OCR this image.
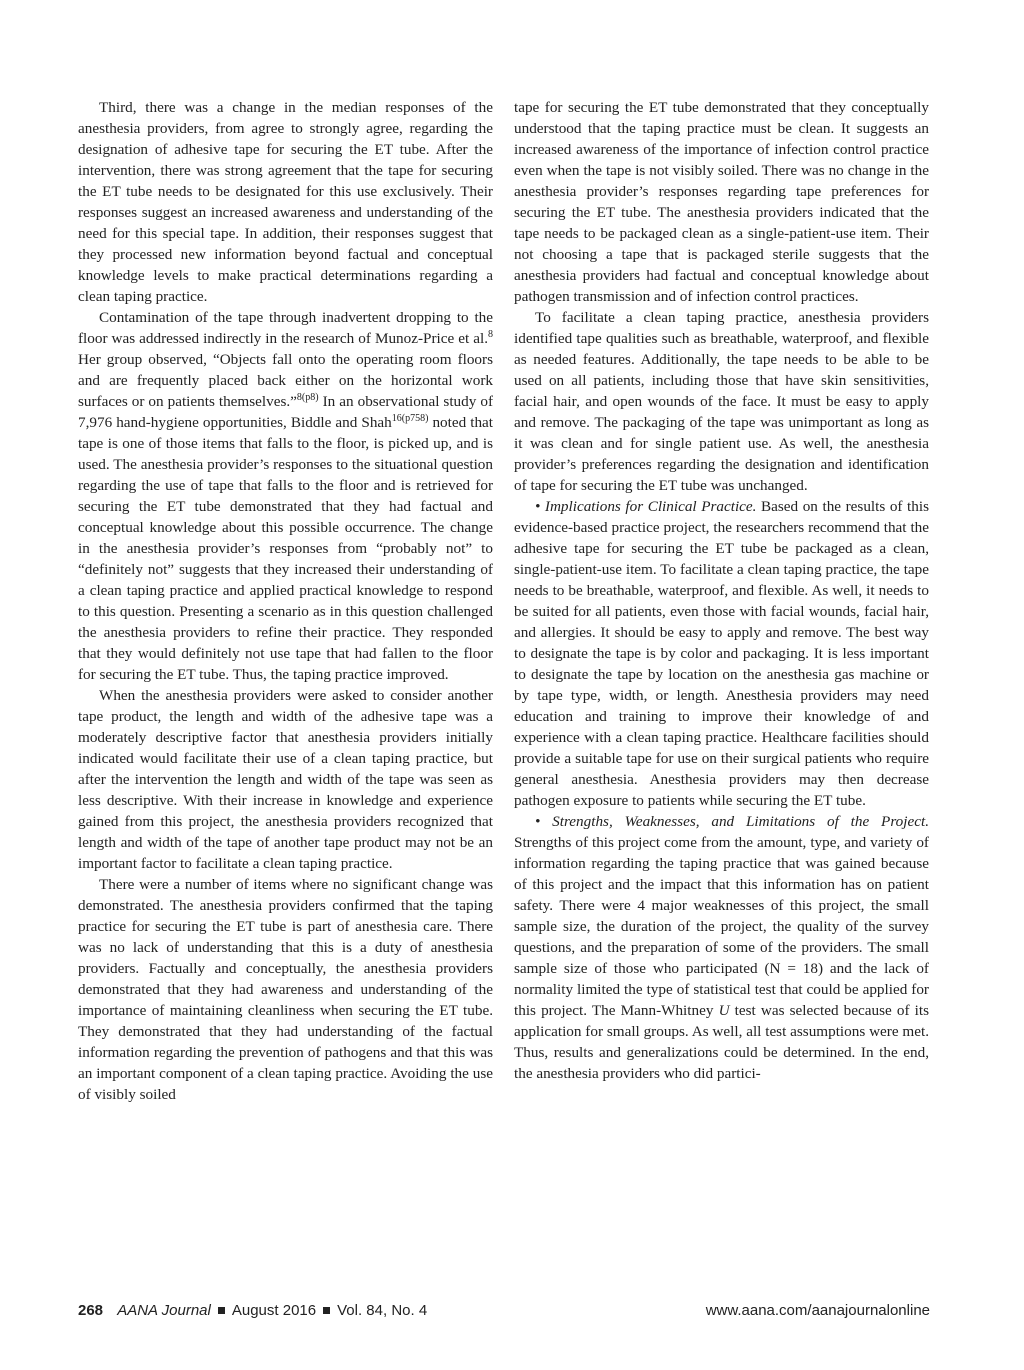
Third, there was a change in the median responses of the anesthesia providers, from agree to strongly agree, regarding the designation of adhesive tape for securing the ET tube. After the intervention, there was strong agreement that the tape for securing the ET tube needs to be designated for this use exclusively. Their responses suggest an increased awareness and understanding of the need for this special tape. In addition, their responses suggest that they processed new information beyond factual and conceptual knowledge levels to make practical determinations regarding a clean taping practice.

Contamination of the tape through inadvertent dropping to the floor was addressed indirectly in the research of Munoz-Price et al.$^8$ Her group observed, “Objects fall onto the operating room floors and are frequently placed back either on the horizontal work surfaces or on patients themselves.”$^{8(p8)}$ In an observational study of 7,976 hand-hygiene opportunities, Biddle and Shah$^{16(p758)}$ noted that tape is one of those items that falls to the floor, is picked up, and is used. The anesthesia provider’s responses to the situational question regarding the use of tape that falls to the floor and is retrieved for securing the ET tube demonstrated that they had factual and conceptual knowledge about this possible occurrence. The change in the anesthesia provider’s responses from “probably not” to “definitely not” suggests that they increased their understanding of a clean taping practice and applied practical knowledge to respond to this question. Presenting a scenario as in this question challenged the anesthesia providers to refine their practice. They responded that they would definitely not use tape that had fallen to the floor for securing the ET tube. Thus, the taping practice improved.

When the anesthesia providers were asked to consider another tape product, the length and width of the adhesive tape was a moderately descriptive factor that anesthesia providers initially indicated would facilitate their use of a clean taping practice, but after the intervention the length and width of the tape was seen as less descriptive. With their increase in knowledge and experience gained from this project, the anesthesia providers recognized that length and width of the tape of another tape product may not be an important factor to facilitate a clean taping practice.

There were a number of items where no significant change was demonstrated. The anesthesia providers confirmed that the taping practice for securing the ET tube is part of anesthesia care. There was no lack of understanding that this is a duty of anesthesia providers. Factually and conceptually, the anesthesia providers demonstrated that they had awareness and understanding of the importance of maintaining cleanliness when securing the ET tube. They demonstrated that they had understanding of the factual information regarding the prevention of pathogens and that this was an important component of a clean taping practice. Avoiding the use of visibly soiled

tape for securing the ET tube demonstrated that they conceptually understood that the taping practice must be clean. It suggests an increased awareness of the importance of infection control practice even when the tape is not visibly soiled. There was no change in the anesthesia provider’s responses regarding tape preferences for securing the ET tube. The anesthesia providers indicated that the tape needs to be packaged clean as a single-patient-use item. Their not choosing a tape that is packaged sterile suggests that the anesthesia providers had factual and conceptual knowledge about pathogen transmission and of infection control practices.

To facilitate a clean taping practice, anesthesia providers identified tape qualities such as breathable, waterproof, and flexible as needed features. Additionally, the tape needs to be able to be used on all patients, including those that have skin sensitivities, facial hair, and open wounds of the face. It must be easy to apply and remove. The packaging of the tape was unimportant as long as it was clean and for single patient use. As well, the anesthesia provider’s preferences regarding the designation and identification of tape for securing the ET tube was unchanged.

• Implications for Clinical Practice. Based on the results of this evidence-based practice project, the researchers recommend that the adhesive tape for securing the ET tube be packaged as a clean, single-patient-use item. To facilitate a clean taping practice, the tape needs to be breathable, waterproof, and flexible. As well, it needs to be suited for all patients, even those with facial wounds, facial hair, and allergies. It should be easy to apply and remove. The best way to designate the tape is by color and packaging. It is less important to designate the tape by location on the anesthesia gas machine or by tape type, width, or length. Anesthesia providers may need education and training to improve their knowledge of and experience with a clean taping practice. Healthcare facilities should provide a suitable tape for use on their surgical patients who require general anesthesia. Anesthesia providers may then decrease pathogen exposure to patients while securing the ET tube.

• Strengths, Weaknesses, and Limitations of the Project. Strengths of this project come from the amount, type, and variety of information regarding the taping practice that was gained because of this project and the impact that this information has on patient safety. There were 4 major weaknesses of this project, the small sample size, the duration of the project, the quality of the survey questions, and the preparation of some of the providers. The small sample size of those who participated (N = 18) and the lack of normality limited the type of statistical test that could be applied for this project. The Mann-Whitney U test was selected because of its application for small groups. As well, all test assumptions were met. Thus, results and generalizations could be determined. In the end, the anesthesia providers who did partici-

268 AANA Journal August 2016 Vol. 84, No. 4	www.aana.com/aanajournalonline
